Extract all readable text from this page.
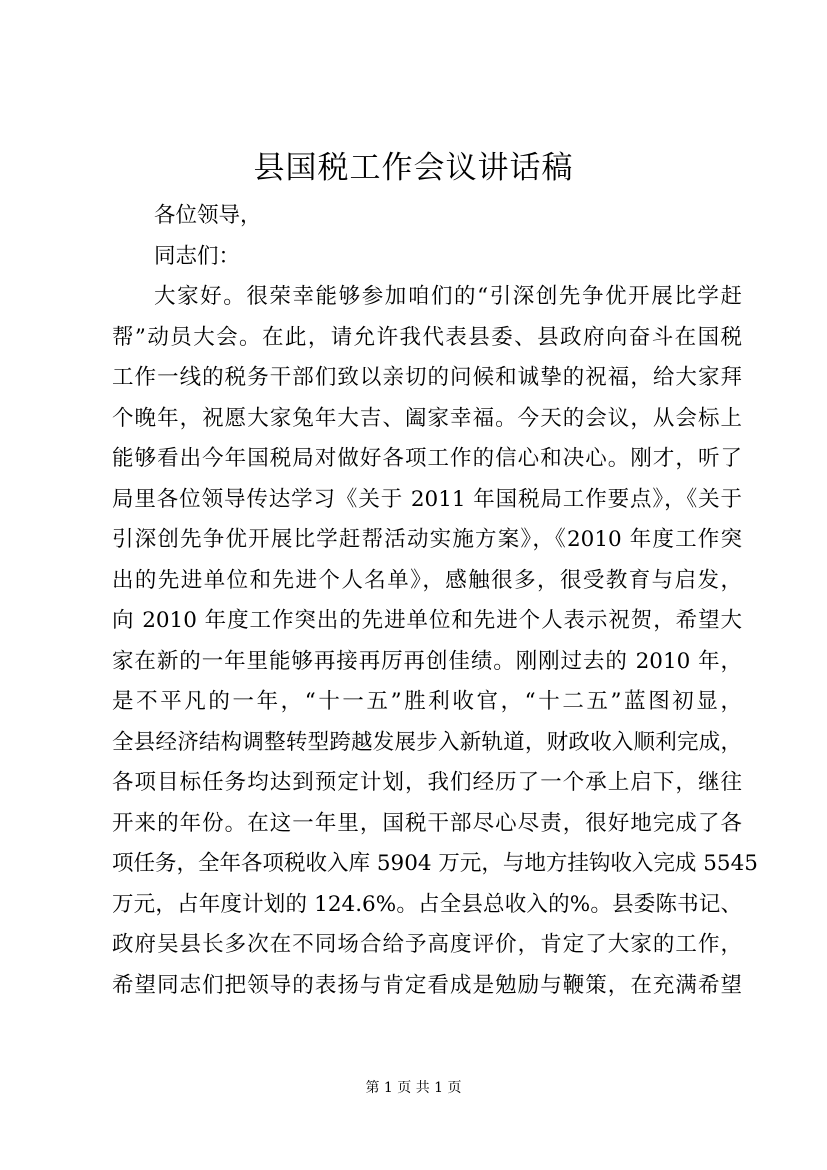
县国税工作会议讲话稿
各位领导，
同志们：
大家好。很荣幸能够参加咱们的“引深创先争优开展比学赶
帮”动员大会。在此，请允许我代表县委、县政府向奋斗在国税
工作一线的税务干部们致以亲切的问候和诚挚的祝福，给大家拜
个晚年，祝愿大家兔年大吉、阖家幸福。今天的会议，从会标上
能够看出今年国税局对做好各项工作的信心和决心。刚才，听了
局里各位领导传达学习《关于 2011 年国税局工作要点》，《关于
引深创先争优开展比学赶帮活动实施方案》，《2010 年度工作突
出的先进单位和先进个人名单》，感触很多，很受教育与启发，
向 2010 年度工作突出的先进单位和先进个人表示祝贺，希望大
家在新的一年里能够再接再厉再创佳绩。刚刚过去的 2010 年，
是不平凡的一年，“十一五”胜利收官，“十二五”蓝图初显，
全县经济结构调整转型跨越发展步入新轨道，财政收入顺利完成，
各项目标任务均达到预定计划，我们经历了一个承上启下，继往
开来的年份。在这一年里，国税干部尽心尽责，很好地完成了各
项任务，全年各项税收入库 5904 万元，与地方挂钩收入完成 5545
万元，占年度计划的 124.6%。占全县总收入的%。县委陈书记、
政府吴县长多次在不同场合给予高度评价，肯定了大家的工作，
希望同志们把领导的表扬与肯定看成是勉励与鞭策，在充满希望
第 1 页 共 1 页
